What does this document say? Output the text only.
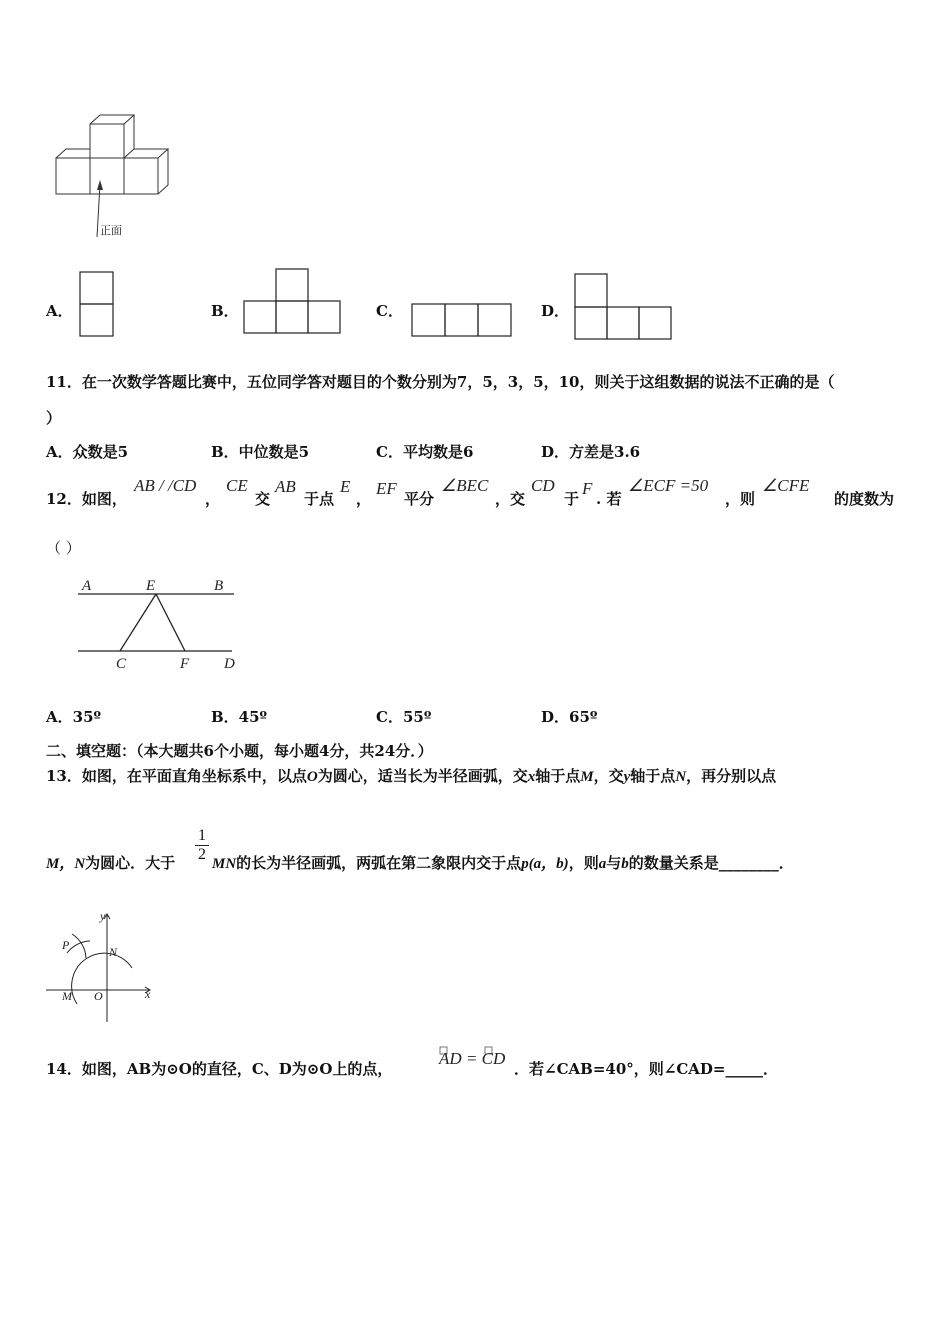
正面
A．	B．	C．	D．
11．在一次数学答题比赛中，五位同学答对题目的个数分别为7，5，3，5，10，则关于这组数据的说法不正确的是（
）
A．众数是5	B．中位数是5	C．平均数是6	D．方差是3.6
12．如图，
AB / /CD
，
CE
交
AB
于点
E
，
EF
平分
∠BEC
，交
CD
于
F
. 若
∠ECF =50
，则
∠CFE
的度数为
（ ）
A	E	B
C	F D
A．35º	B．45º	C．55º	D．65º
二、填空题：（本大题共6个小题，每小题4分，共24分．）
13．如图，在平面直角坐标系中，以点O为圆心，适当长为半径画弧，交x轴于点M，交y轴于点N，再分别以点
M，N为圆心．大于 $\frac{1}{2}$ MN的长为半径画弧，两弧在第二象限内交于点p(a，b)，则a与b的数量关系是________．
y
P	N
M O	x
14．如图，AB为⊙O的直径，C、D为⊙O上的点，
AD = CD
．若∠CAB=40°，则∠CAD=_____．
